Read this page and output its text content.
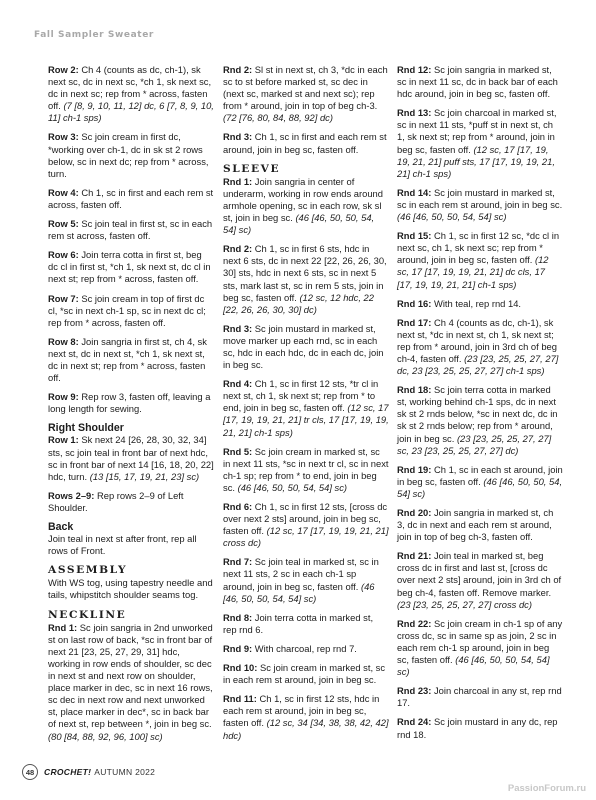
Fall Sampler Sweater

Row 2: Ch 4 (counts as dc, ch-1), sk next sc, dc in next sc, *ch 1, sk next sc, dc in next sc; rep from * across, fasten off. (7 [8, 9, 10, 11, 12] dc, 6 [7, 8, 9, 10, 11] ch-1 sps)

Row 3: Sc join cream in first dc, *working over ch-1, dc in sk st 2 rows below, sc in next dc; rep from * across, turn.

Row 4: Ch 1, sc in first and each rem st across, fasten off.

Row 5: Sc join teal in first st, sc in each rem st across, fasten off.

Row 6: Join terra cotta in first st, beg dc cl in first st, *ch 1, sk next st, dc cl in next st; rep from * across, fasten off.

Row 7: Sc join cream in top of first dc cl, *sc in next ch-1 sp, sc in next dc cl; rep from * across, fasten off.

Row 8: Join sangria in first st, ch 4, sk next st, dc in next st, *ch 1, sk next st, dc in next st; rep from * across, fasten off.

Row 9: Rep row 3, fasten off, leaving a long length for sewing.

Right Shoulder

Row 1: Sk next 24 [26, 28, 30, 32, 34] sts, sc join teal in front bar of next hdc, sc in front bar of next 14 [16, 18, 20, 22] hdc, turn. (13 [15, 17, 19, 21, 23] sc)

Rows 2–9: Rep rows 2–9 of Left Shoulder.

Back

Join teal in next st after front, rep all rows of Front.

ASSEMBLY

With WS tog, using tapestry needle and tails, whipstitch shoulder seams tog.

NECKLINE

Rnd 1: Sc join sangria in 2nd unworked st on last row of back, *sc in front bar of next 21 [23, 25, 27, 29, 31] hdc, working in row ends of shoulder, sc dec in next st and next row on shoulder, place marker in dec, sc in next 16 rows, sc dec in next row and next unworked st, place marker in dec*, sc in back bar of next st, rep between *, join in beg sc. (80 [84, 88, 92, 96, 100] sc)

Rnd 2: Sl st in next st, ch 3, *dc in each sc to st before marked st, sc dec in (next sc, marked st and next sc); rep from * around, join in top of beg ch-3. (72 [76, 80, 84, 88, 92] dc)

Rnd 3: Ch 1, sc in first and each rem st around, join in beg sc, fasten off.

SLEEVE

Rnd 1: Join sangria in center of underarm, working in row ends around armhole opening, sc in each row, sk sl st, join in beg sc. (46 [46, 50, 50, 54, 54] sc)

Rnd 2: Ch 1, sc in first 6 sts, hdc in next 6 sts, dc in next 22 [22, 26, 26, 30, 30] sts, hdc in next 6 sts, sc in next 5 sts, mark last st, sc in rem 5 sts, join in beg sc, fasten off. (12 sc, 12 hdc, 22 [22, 26, 26, 30, 30] dc)

Rnd 3: Sc join mustard in marked st, move marker up each rnd, sc in each sc, hdc in each hdc, dc in each dc, join in beg sc.

Rnd 4: Ch 1, sc in first 12 sts, *tr cl in next st, ch 1, sk next st; rep from * to end, join in beg sc, fasten off. (12 sc, 17 [17, 19, 19, 21, 21] tr cls, 17 [17, 19, 19, 21, 21] ch-1 sps)

Rnd 5: Sc join cream in marked st, sc in next 11 sts, *sc in next tr cl, sc in next ch-1 sp; rep from * to end, join in beg sc. (46 [46, 50, 50, 54, 54] sc)

Rnd 6: Ch 1, sc in first 12 sts, [cross dc over next 2 sts] around, join in beg sc, fasten off. (12 sc, 17 [17, 19, 19, 21, 21] cross dc)

Rnd 7: Sc join teal in marked st, sc in next 11 sts, 2 sc in each ch-1 sp around, join in beg sc, fasten off. (46 [46, 50, 50, 54, 54] sc)

Rnd 8: Join terra cotta in marked st, rep rnd 6.

Rnd 9: With charcoal, rep rnd 7.

Rnd 10: Sc join cream in marked st, sc in each rem st around, join in beg sc.

Rnd 11: Ch 1, sc in first 12 sts, hdc in each rem st around, join in beg sc, fasten off. (12 sc, 34 [34, 38, 38, 42, 42] hdc)

Rnd 12: Sc join sangria in marked st, sc in next 11 sc, dc in back bar of each hdc around, join in beg sc, fasten off.

Rnd 13: Sc join charcoal in marked st, sc in next 11 sts, *puff st in next st, ch 1, sk next st; rep from * around, join in beg sc, fasten off. (12 sc, 17 [17, 19, 19, 21, 21] puff sts, 17 [17, 19, 19, 21, 21] ch-1 sps)

Rnd 14: Sc join mustard in marked st, sc in each rem st around, join in beg sc. (46 [46, 50, 50, 54, 54] sc)

Rnd 15: Ch 1, sc in first 12 sc, *dc cl in next sc, ch 1, sk next sc; rep from * around, join in beg sc, fasten off. (12 sc, 17 [17, 19, 19, 21, 21] dc cls, 17 [17, 19, 19, 21, 21] ch-1 sps)

Rnd 16: With teal, rep rnd 14.

Rnd 17: Ch 4 (counts as dc, ch-1), sk next st, *dc in next st, ch 1, sk next st; rep from * around, join in 3rd ch of beg ch-4, fasten off. (23 [23, 25, 25, 27, 27] dc, 23 [23, 25, 25, 27, 27] ch-1 sps)

Rnd 18: Sc join terra cotta in marked st, working behind ch-1 sps, dc in next sk st 2 rnds below, *sc in next dc, dc in sk st 2 rnds below; rep from * around, join in beg sc. (23 [23, 25, 25, 27, 27] sc, 23 [23, 25, 25, 27, 27] dc)

Rnd 19: Ch 1, sc in each st around, join in beg sc, fasten off. (46 [46, 50, 50, 54, 54] sc)

Rnd 20: Join sangria in marked st, ch 3, dc in next and each rem st around, join in top of beg ch-3, fasten off.

Rnd 21: Join teal in marked st, beg cross dc in first and last st, [cross dc over next 2 sts] around, join in 3rd ch of beg ch-4, fasten off. Remove marker. (23 [23, 25, 25, 27, 27] cross dc)

Rnd 22: Sc join cream in ch-1 sp of any cross dc, sc in same sp as join, 2 sc in each rem ch-1 sp around, join in beg sc, fasten off. (46 [46, 50, 50, 54, 54] sc)

Rnd 23: Join charcoal in any st, rep rnd 17.

Rnd 24: Sc join mustard in any dc, rep rnd 18.

48	CROCHET! AUTUMN 2022
PassionForum.ru
